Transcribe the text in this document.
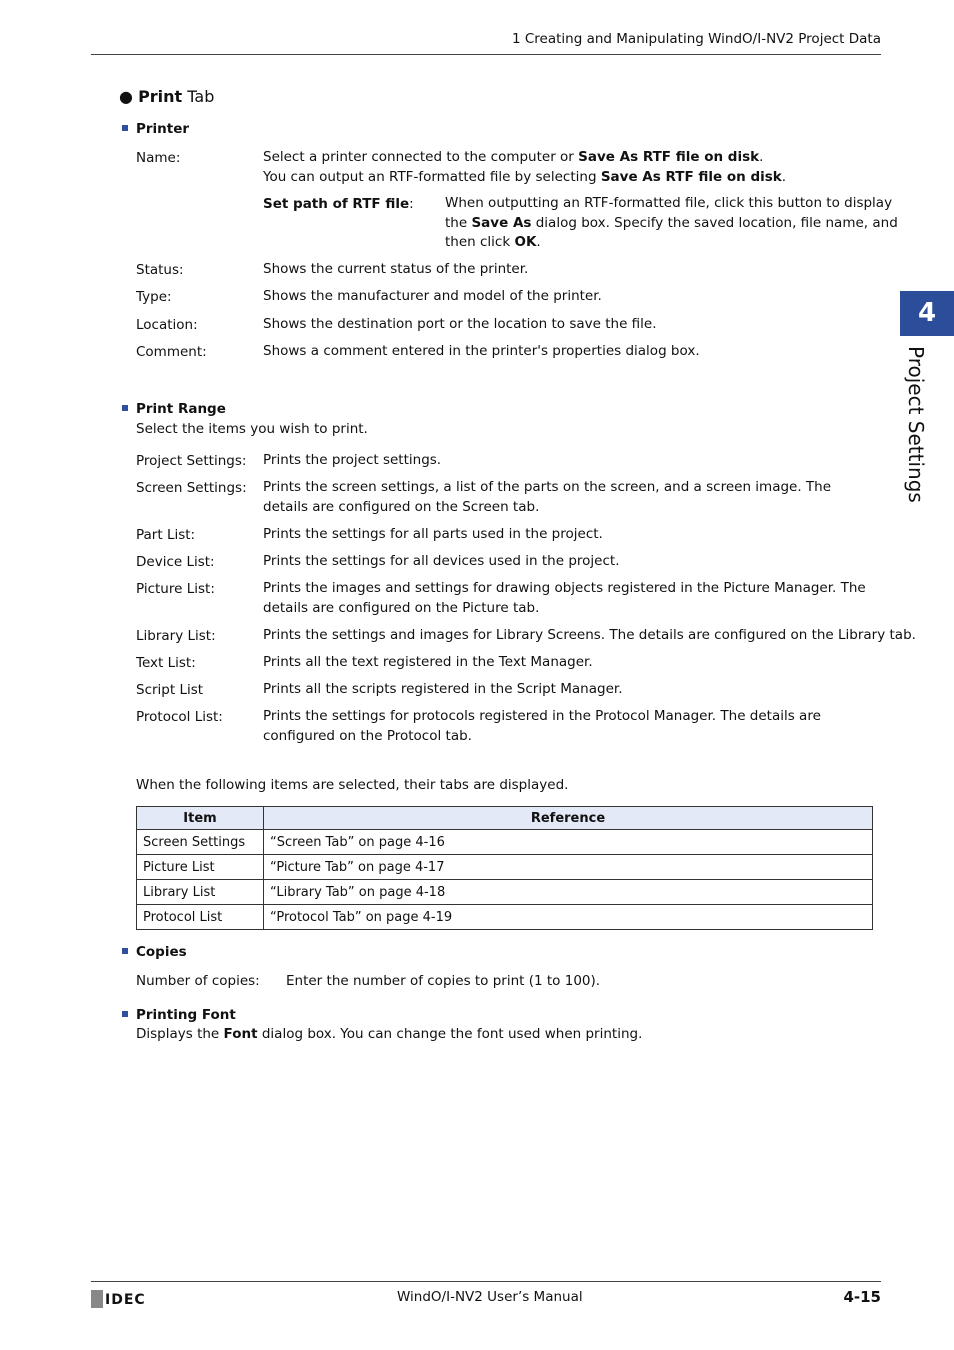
1 Creating and Manipulating WindO/I-NV2 Project Data
4
Project Settings
● Print Tab
Printer
Name:	Select a printer connected to the computer or Save As RTF file on disk.
You can output an RTF-formatted file by selecting Save As RTF file on disk.
Set path of RTF file: When outputting an RTF-formatted file, click this button to display
the Save As dialog box. Specify the saved location, file name, and
then click OK.
Status:	Shows the current status of the printer.
Type:	Shows the manufacturer and model of the printer.
Location:	Shows the destination port or the location to save the file.
Comment:	Shows a comment entered in the printer's properties dialog box.
Print Range
Select the items you wish to print.
Project Settings: Prints the project settings.
Screen Settings: Prints the screen settings, a list of the parts on the screen, and a screen image. The details are configured on the Screen tab.
Part List:	Prints the settings for all parts used in the project.
Device List:	Prints the settings for all devices used in the project.
Picture List:	Prints the images and settings for drawing objects registered in the Picture Manager. The details are configured on the Picture tab.
Library List:	Prints the settings and images for Library Screens. The details are configured on the Library tab.
Text List:	Prints all the text registered in the Text Manager.
Script List	Prints all the scripts registered in the Script Manager.
Protocol List:	Prints the settings for protocols registered in the Protocol Manager. The details are configured on the Protocol tab.
When the following items are selected, their tabs are displayed.
Item	Reference
Screen Settings	“Screen Tab” on page 4-16
Picture List	“Picture Tab” on page 4-17
Library List	“Library Tab” on page 4-18
Protocol List	“Protocol Tab” on page 4-19
Copies
Number of copies: Enter the number of copies to print (1 to 100).
Printing Font
Displays the Font dialog box. You can change the font used when printing.
IDEC	WindO/I-NV2 User’s Manual	4-15
